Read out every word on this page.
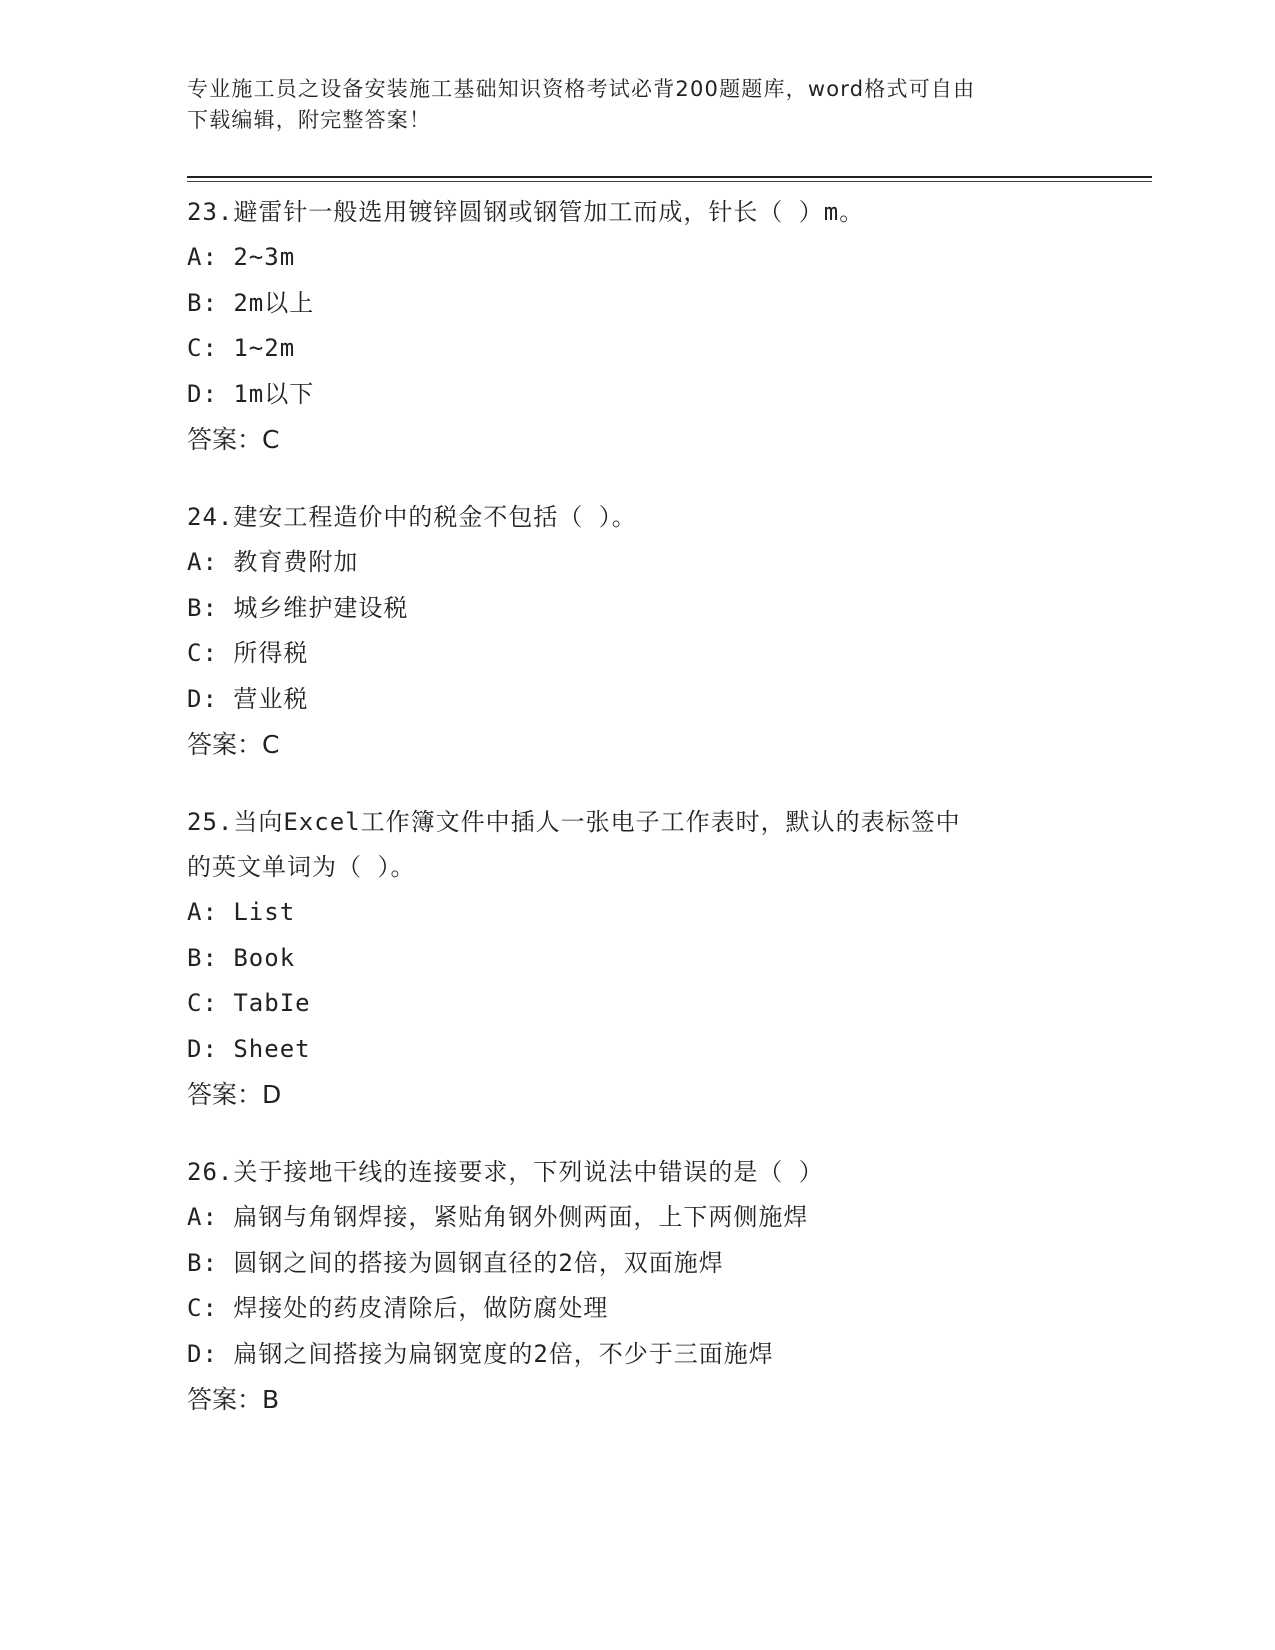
专业施工员之设备安装施工基础知识资格考试必背200题题库，word格式可自由
下载编辑，附完整答案！
23.避雷针一般选用镀锌圆钢或钢管加工而成，针长（ ）m。
A: 2~3m
B: 2m以上
C: 1~2m
D: 1m以下
答案：C
24.建安工程造价中的税金不包括（ ）。
A: 教育费附加
B: 城乡维护建设税
C: 所得税
D: 营业税
答案：C
25.当向Excel工作簿文件中插人一张电子工作表时，默认的表标签中
的英文单词为（ ）。
A: List
B: Book
C: TabIe
D: Sheet
答案：D
26.关于接地干线的连接要求，下列说法中错误的是（ ）
A: 扁钢与角钢焊接，紧贴角钢外侧两面，上下两侧施焊
B: 圆钢之间的搭接为圆钢直径的2倍，双面施焊
C: 焊接处的药皮清除后，做防腐处理
D: 扁钢之间搭接为扁钢宽度的2倍，不少于三面施焊
答案：B
